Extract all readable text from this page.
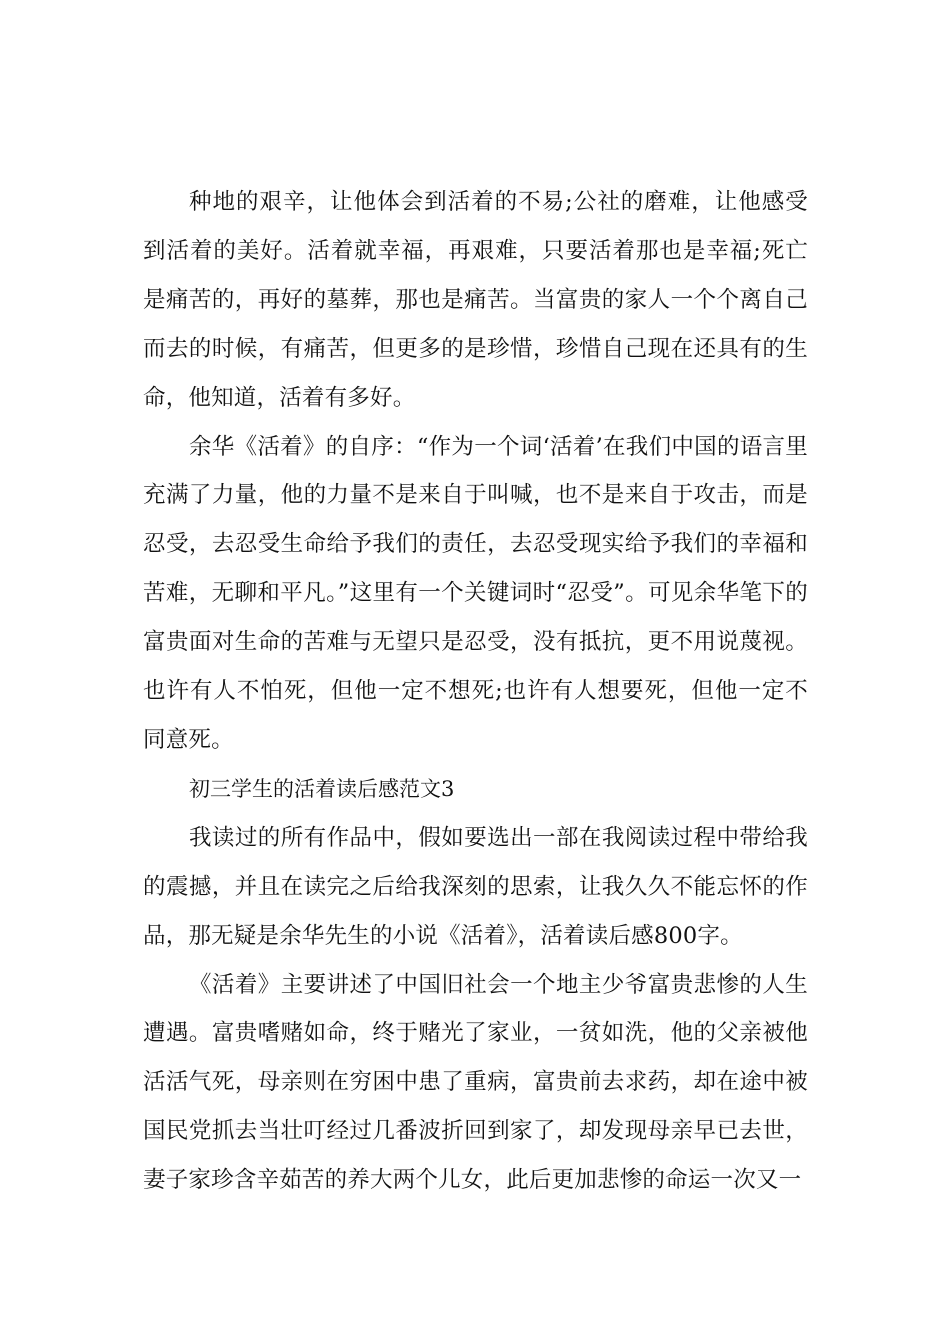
种地的艰辛，让他体会到活着的不易;公社的磨难，让他感受到活着的美好。活着就幸福，再艰难，只要活着那也是幸福;死亡是痛苦的，再好的墓葬，那也是痛苦。当富贵的家人一个个离自己而去的时候，有痛苦，但更多的是珍惜，珍惜自己现在还具有的生命，他知道，活着有多好。

余华《活着》的自序：“作为一个词‘活着’在我们中国的语言里充满了力量，他的力量不是来自于叫喊，也不是来自于攻击，而是忍受，去忍受生命给予我们的责任，去忍受现实给予我们的幸福和苦难，无聊和平凡。”这里有一个关键词时“忍受”。可见余华笔下的富贵面对生命的苦难与无望只是忍受，没有抵抗，更不用说蔑视。也许有人不怕死，但他一定不想死;也许有人想要死，但他一定不同意死。

初三学生的活着读后感范文3

我读过的所有作品中，假如要选出一部在我阅读过程中带给我的震撼，并且在读完之后给我深刻的思索，让我久久不能忘怀的作品，那无疑是余华先生的小说《活着》，活着读后感800字。

《活着》主要讲述了中国旧社会一个地主少爷富贵悲惨的人生遭遇。富贵嗜赌如命，终于赌光了家业，一贫如洗，他的父亲被他活活气死，母亲则在穷困中患了重病，富贵前去求药，却在途中被国民党抓去当壮叮经过几番波折回到家了，却发现母亲早已去世，妻子家珍含辛茹苦的养大两个儿女，此后更加悲惨的命运一次又一
